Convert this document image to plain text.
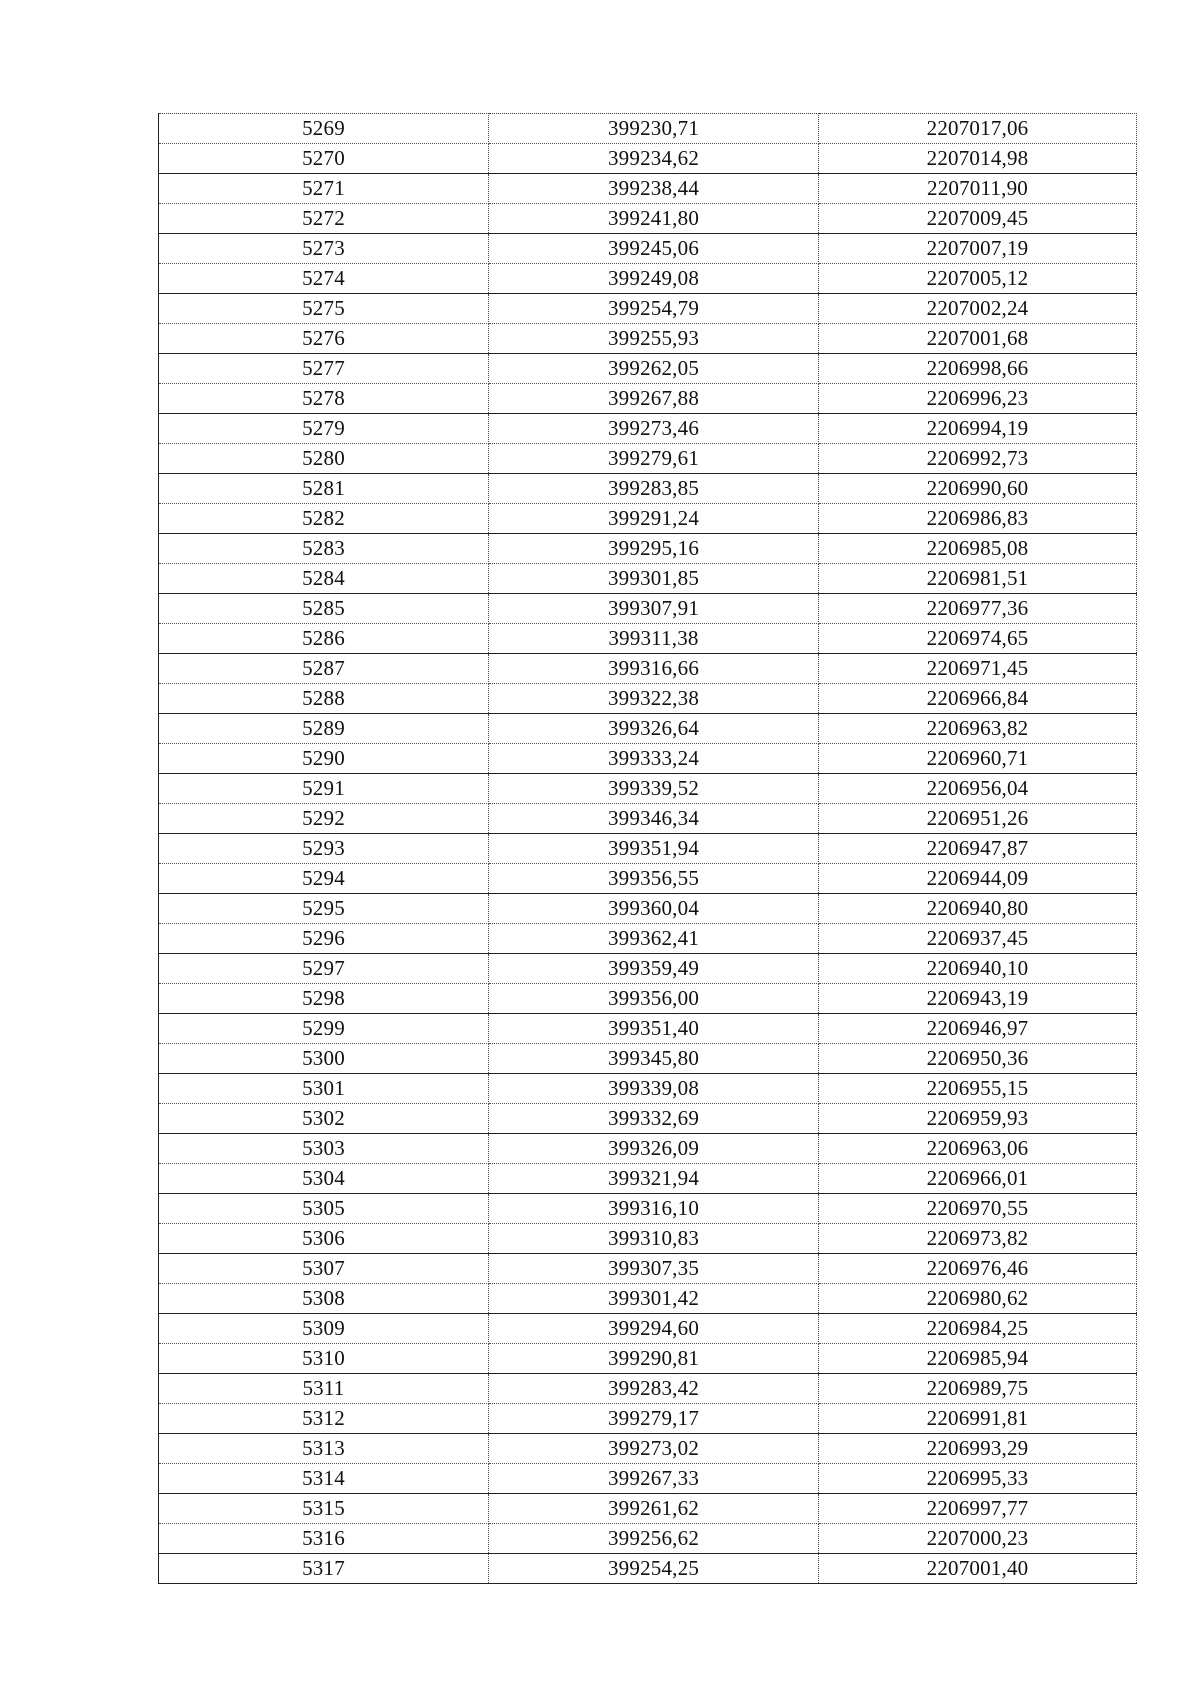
5269	399230,71	2207017,06
5270	399234,62	2207014,98
5271	399238,44	2207011,90
5272	399241,80	2207009,45
5273	399245,06	2207007,19
5274	399249,08	2207005,12
5275	399254,79	2207002,24
5276	399255,93	2207001,68
5277	399262,05	2206998,66
5278	399267,88	2206996,23
5279	399273,46	2206994,19
5280	399279,61	2206992,73
5281	399283,85	2206990,60
5282	399291,24	2206986,83
5283	399295,16	2206985,08
5284	399301,85	2206981,51
5285	399307,91	2206977,36
5286	399311,38	2206974,65
5287	399316,66	2206971,45
5288	399322,38	2206966,84
5289	399326,64	2206963,82
5290	399333,24	2206960,71
5291	399339,52	2206956,04
5292	399346,34	2206951,26
5293	399351,94	2206947,87
5294	399356,55	2206944,09
5295	399360,04	2206940,80
5296	399362,41	2206937,45
5297	399359,49	2206940,10
5298	399356,00	2206943,19
5299	399351,40	2206946,97
5300	399345,80	2206950,36
5301	399339,08	2206955,15
5302	399332,69	2206959,93
5303	399326,09	2206963,06
5304	399321,94	2206966,01
5305	399316,10	2206970,55
5306	399310,83	2206973,82
5307	399307,35	2206976,46
5308	399301,42	2206980,62
5309	399294,60	2206984,25
5310	399290,81	2206985,94
5311	399283,42	2206989,75
5312	399279,17	2206991,81
5313	399273,02	2206993,29
5314	399267,33	2206995,33
5315	399261,62	2206997,77
5316	399256,62	2207000,23
5317	399254,25	2207001,40
